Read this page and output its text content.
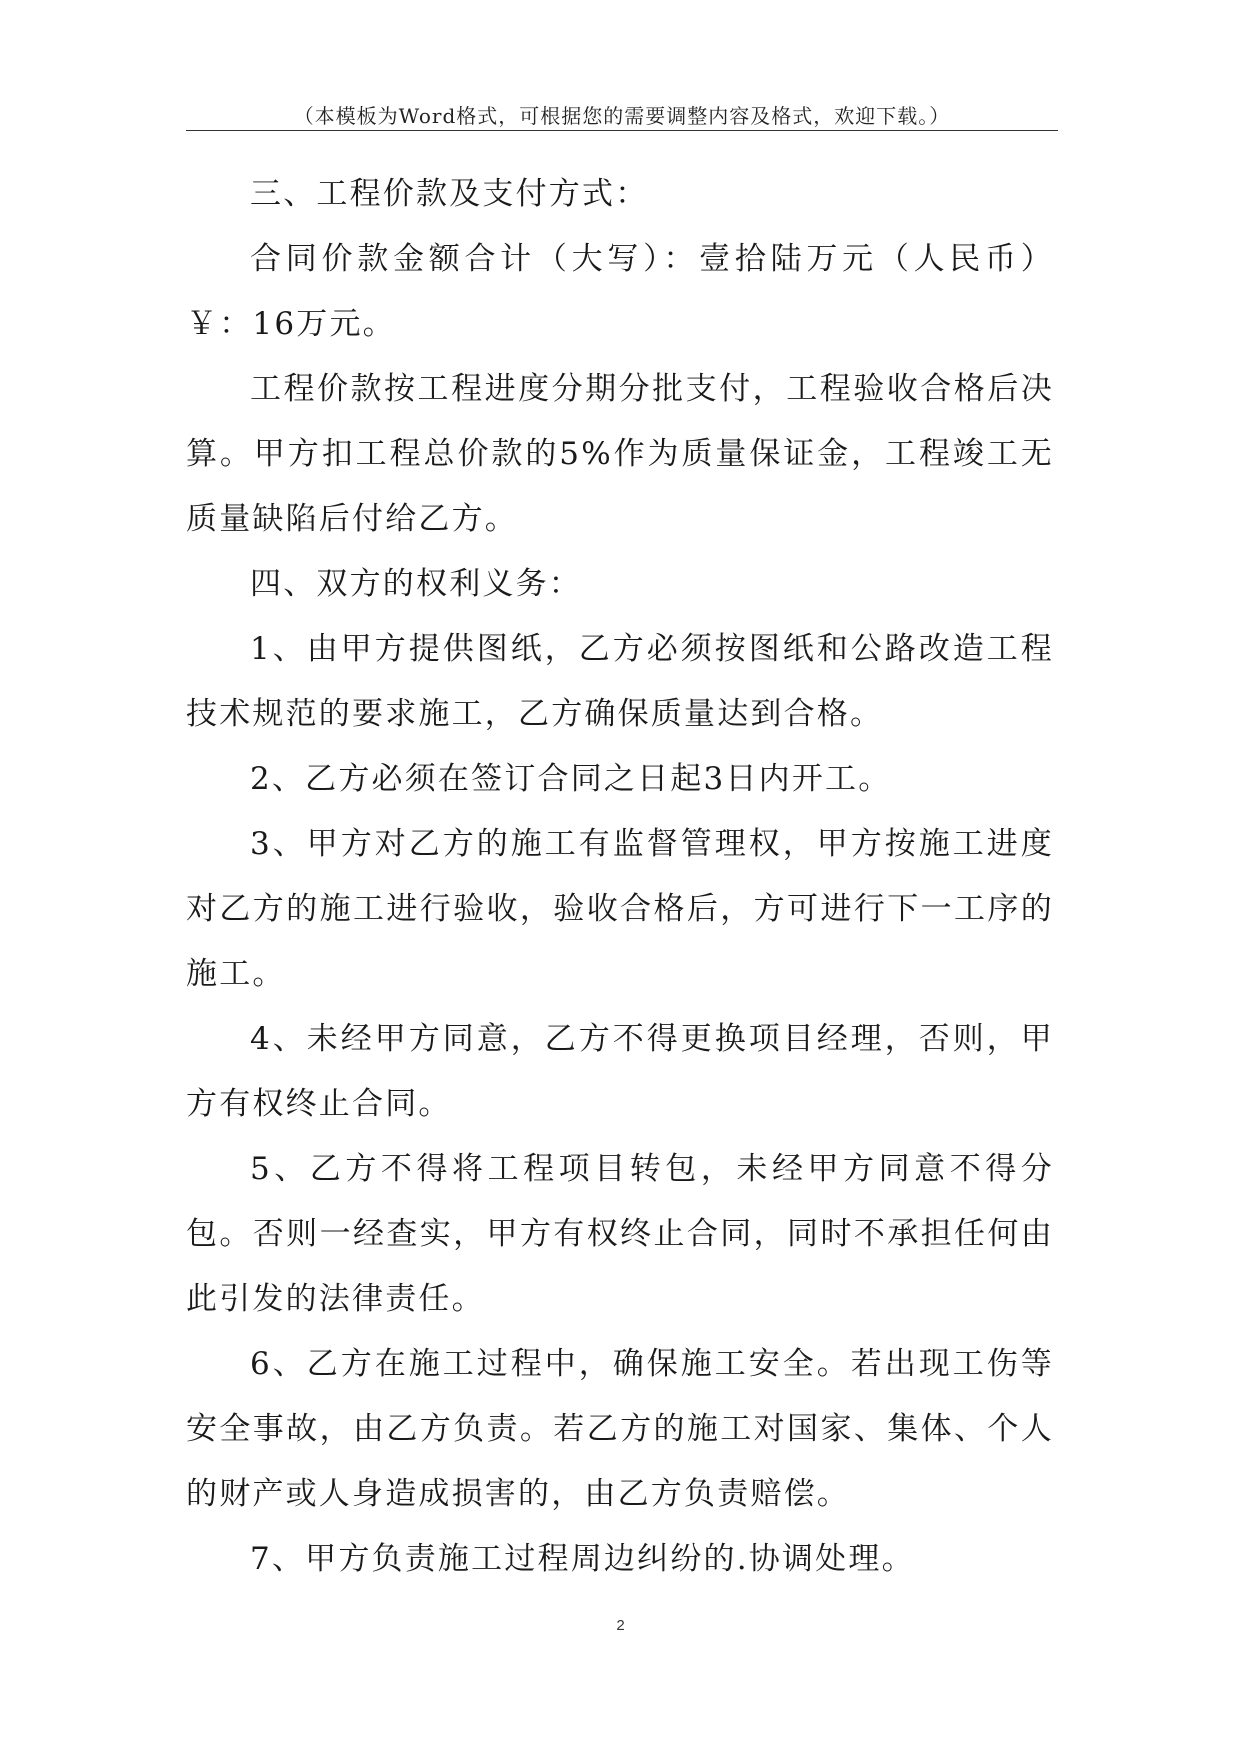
（本模板为Word格式，可根据您的需要调整内容及格式，欢迎下载。）

三、工程价款及支付方式：

合同价款金额合计（大写）：壹拾陆万元（人民币）￥：16万元。

工程价款按工程进度分期分批支付，工程验收合格后决算。甲方扣工程总价款的5%作为质量保证金，工程竣工无质量缺陷后付给乙方。

四、双方的权利义务：

1、由甲方提供图纸，乙方必须按图纸和公路改造工程技术规范的要求施工，乙方确保质量达到合格。

2、乙方必须在签订合同之日起3日内开工。

3、甲方对乙方的施工有监督管理权，甲方按施工进度对乙方的施工进行验收，验收合格后，方可进行下一工序的施工。

4、未经甲方同意，乙方不得更换项目经理，否则，甲方有权终止合同。

5、乙方不得将工程项目转包，未经甲方同意不得分包。否则一经查实，甲方有权终止合同，同时不承担任何由此引发的法律责任。

6、乙方在施工过程中，确保施工安全。若出现工伤等安全事故，由乙方负责。若乙方的施工对国家、集体、个人的财产或人身造成损害的，由乙方负责赔偿。

7、甲方负责施工过程周边纠纷的.协调处理。

2
